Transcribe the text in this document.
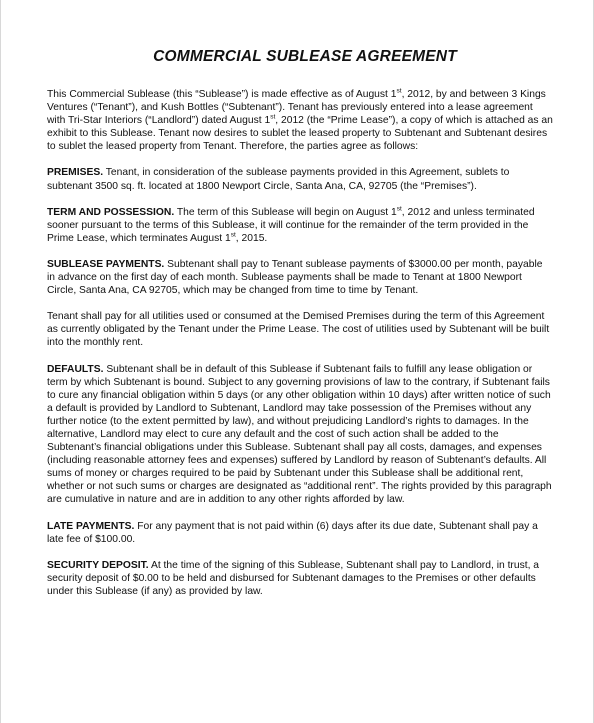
COMMERCIAL SUBLEASE AGREEMENT

This Commercial Sublease (this “Sublease”) is made effective as of August 1st, 2012, by and between 3 Kings Ventures (“Tenant”), and Kush Bottles (“Subtenant”). Tenant has previously entered into a lease agreement with Tri-Star Interiors (“Landlord”) dated August 1st, 2012 (the “Prime Lease”), a copy of which is attached as an exhibit to this Sublease. Tenant now desires to sublet the leased property to Subtenant and Subtenant desires to sublet the leased property from Tenant. Therefore, the parties agree as follows:

PREMISES. Tenant, in consideration of the sublease payments provided in this Agreement, sublets to subtenant 3500 sq. ft. located at 1800 Newport Circle, Santa Ana, CA, 92705 (the “Premises”).

TERM AND POSSESSION. The term of this Sublease will begin on August 1st, 2012 and unless terminated sooner pursuant to the terms of this Sublease, it will continue for the remainder of the term provided in the Prime Lease, which terminates August 1st, 2015.

SUBLEASE PAYMENTS. Subtenant shall pay to Tenant sublease payments of $3000.00 per month, payable in advance on the first day of each month. Sublease payments shall be made to Tenant at 1800 Newport Circle, Santa Ana, CA 92705, which may be changed from time to time by Tenant.

Tenant shall pay for all utilities used or consumed at the Demised Premises during the term of this Agreement as currently obligated by the Tenant under the Prime Lease. The cost of utilities used by Subtenant will be built into the monthly rent.

DEFAULTS. Subtenant shall be in default of this Sublease if Subtenant fails to fulfill any lease obligation or term by which Subtenant is bound. Subject to any governing provisions of law to the contrary, if Subtenant fails to cure any financial obligation within 5 days (or any other obligation within 10 days) after written notice of such a default is provided by Landlord to Subtenant, Landlord may take possession of the Premises without any further notice (to the extent permitted by law), and without prejudicing Landlord’s rights to damages. In the alternative, Landlord may elect to cure any default and the cost of such action shall be added to the Subtenant’s financial obligations under this Sublease. Subtenant shall pay all costs, damages, and expenses (including reasonable attorney fees and expenses) suffered by Landlord by reason of Subtenant’s defaults. All sums of money or charges required to be paid by Subtenant under this Sublease shall be additional rent, whether or not such sums or charges are designated as “additional rent”. The rights provided by this paragraph are cumulative in nature and are in addition to any other rights afforded by law.

LATE PAYMENTS. For any payment that is not paid within (6) days after its due date, Subtenant shall pay a late fee of $100.00.

SECURITY DEPOSIT. At the time of the signing of this Sublease, Subtenant shall pay to Landlord, in trust, a security deposit of $0.00 to be held and disbursed for Subtenant damages to the Premises or other defaults under this Sublease (if any) as provided by law.
